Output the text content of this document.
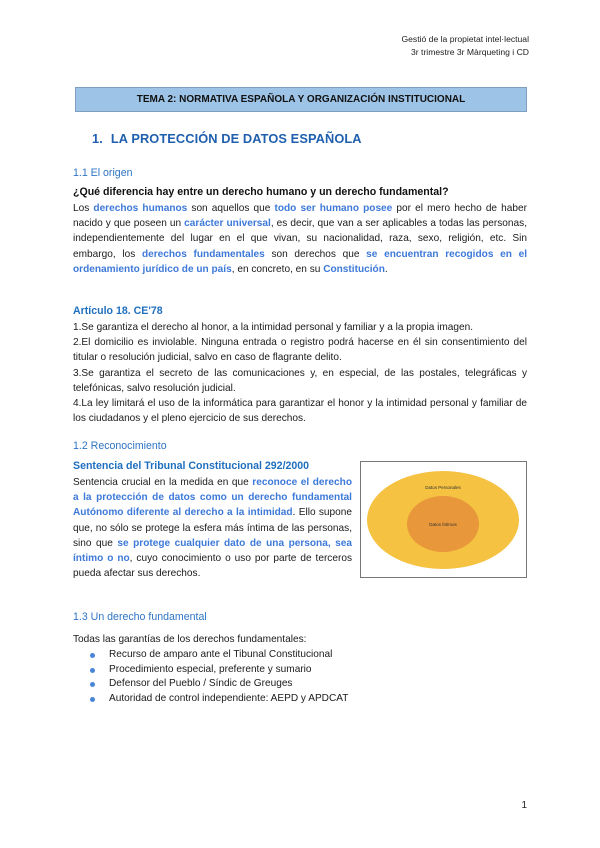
Gestió de la propietat intel·lectual
3r trimestre 3r Màrqueting i CD
TEMA 2: NORMATIVA ESPAÑOLA Y ORGANIZACIÓN INSTITUCIONAL
1. LA PROTECCIÓN DE DATOS ESPAÑOLA
1.1 El origen
¿Qué diferencia hay entre un derecho humano y un derecho fundamental?
Los derechos humanos son aquellos que todo ser humano posee por el mero hecho de haber nacido y que poseen un carácter universal, es decir, que van a ser aplicables a todas las personas, independientemente del lugar en el que vivan, su nacionalidad, raza, sexo, religión, etc. Sin embargo, los derechos fundamentales son derechos que se encuentran recogidos en el ordenamiento jurídico de un país, en concreto, en su Constitución.
Artículo 18. CE'78

1.Se garantiza el derecho al honor, a la intimidad personal y familiar y a la propia imagen.

2.El domicilio es inviolable. Ninguna entrada o registro podrá hacerse en él sin consentimiento del titular o resolución judicial, salvo en caso de flagrante delito.

3.Se garantiza el secreto de las comunicaciones y, en especial, de las postales, telegráficas y telefónicas, salvo resolución judicial.

4.La ley limitará el uso de la informática para garantizar el honor y la intimidad personal y familiar de los ciudadanos y el pleno ejercicio de sus derechos.

1.2 Reconocimiento
Sentencia del Tribunal Constitucional 292/2000
Sentencia crucial en la medida en que reconoce el derecho a la protección de datos como un derecho fundamental Autónomo diferente al derecho a la intimidad. Ello supone que, no sólo se protege la esfera más íntima de las personas, sino que se protege cualquier dato de una persona, sea íntimo o no, cuyo conocimiento o uso por parte de terceros pueda afectar sus derechos.
Datos Personales
Datos Íntimos
1.3 Un derecho fundamental
Todas las garantías de los derechos fundamentales:
Recurso de amparo ante el Tibunal Constitucional
Procedimiento especial, preferente y sumario
Defensor del Pueblo / Síndic de Greuges
Autoridad de control independiente: AEPD y APDCAT
1
